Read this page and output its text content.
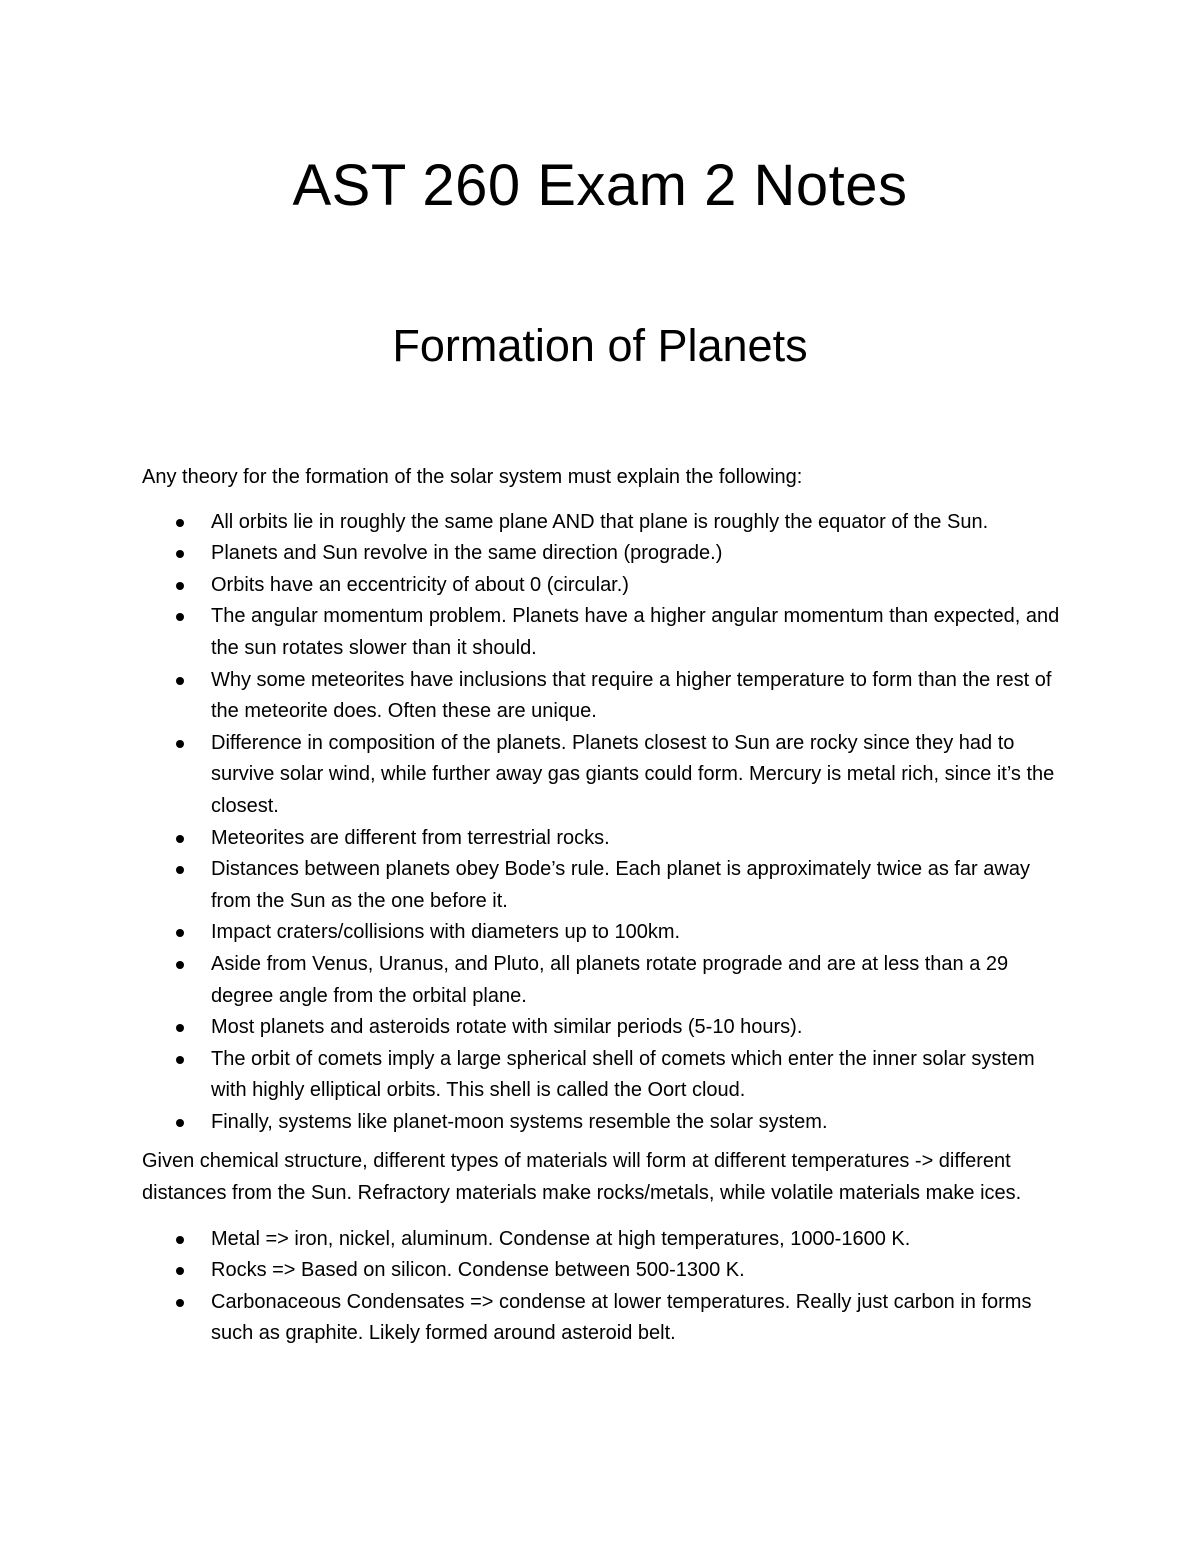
AST 260 Exam 2 Notes
Formation of Planets

Any theory for the formation of the solar system must explain the following:

All orbits lie in roughly the same plane AND that plane is roughly the equator of the Sun.
Planets and Sun revolve in the same direction (prograde.)
Orbits have an eccentricity of about 0 (circular.)
The angular momentum problem. Planets have a higher angular momentum than expected, and the sun rotates slower than it should.
Why some meteorites have inclusions that require a higher temperature to form than the rest of the meteorite does. Often these are unique.
Difference in composition of the planets. Planets closest to Sun are rocky since they had to survive solar wind, while further away gas giants could form. Mercury is metal rich, since it’s the closest.
Meteorites are different from terrestrial rocks.
Distances between planets obey Bode’s rule. Each planet is approximately twice as far away from the Sun as the one before it.
Impact craters/collisions with diameters up to 100km.
Aside from Venus, Uranus, and Pluto, all planets rotate prograde and are at less than a 29 degree angle from the orbital plane.
Most planets and asteroids rotate with similar periods (5-10 hours).
The orbit of comets imply a large spherical shell of comets which enter the inner solar system with highly elliptical orbits. This shell is called the Oort cloud.
Finally, systems like planet-moon systems resemble the solar system.

Given chemical structure, different types of materials will form at different temperatures -> different distances from the Sun. Refractory materials make rocks/metals, while volatile materials make ices.

Metal => iron, nickel, aluminum. Condense at high temperatures, 1000-1600 K.
Rocks => Based on silicon. Condense between 500-1300 K.
Carbonaceous Condensates => condense at lower temperatures. Really just carbon in forms such as graphite. Likely formed around asteroid belt.
